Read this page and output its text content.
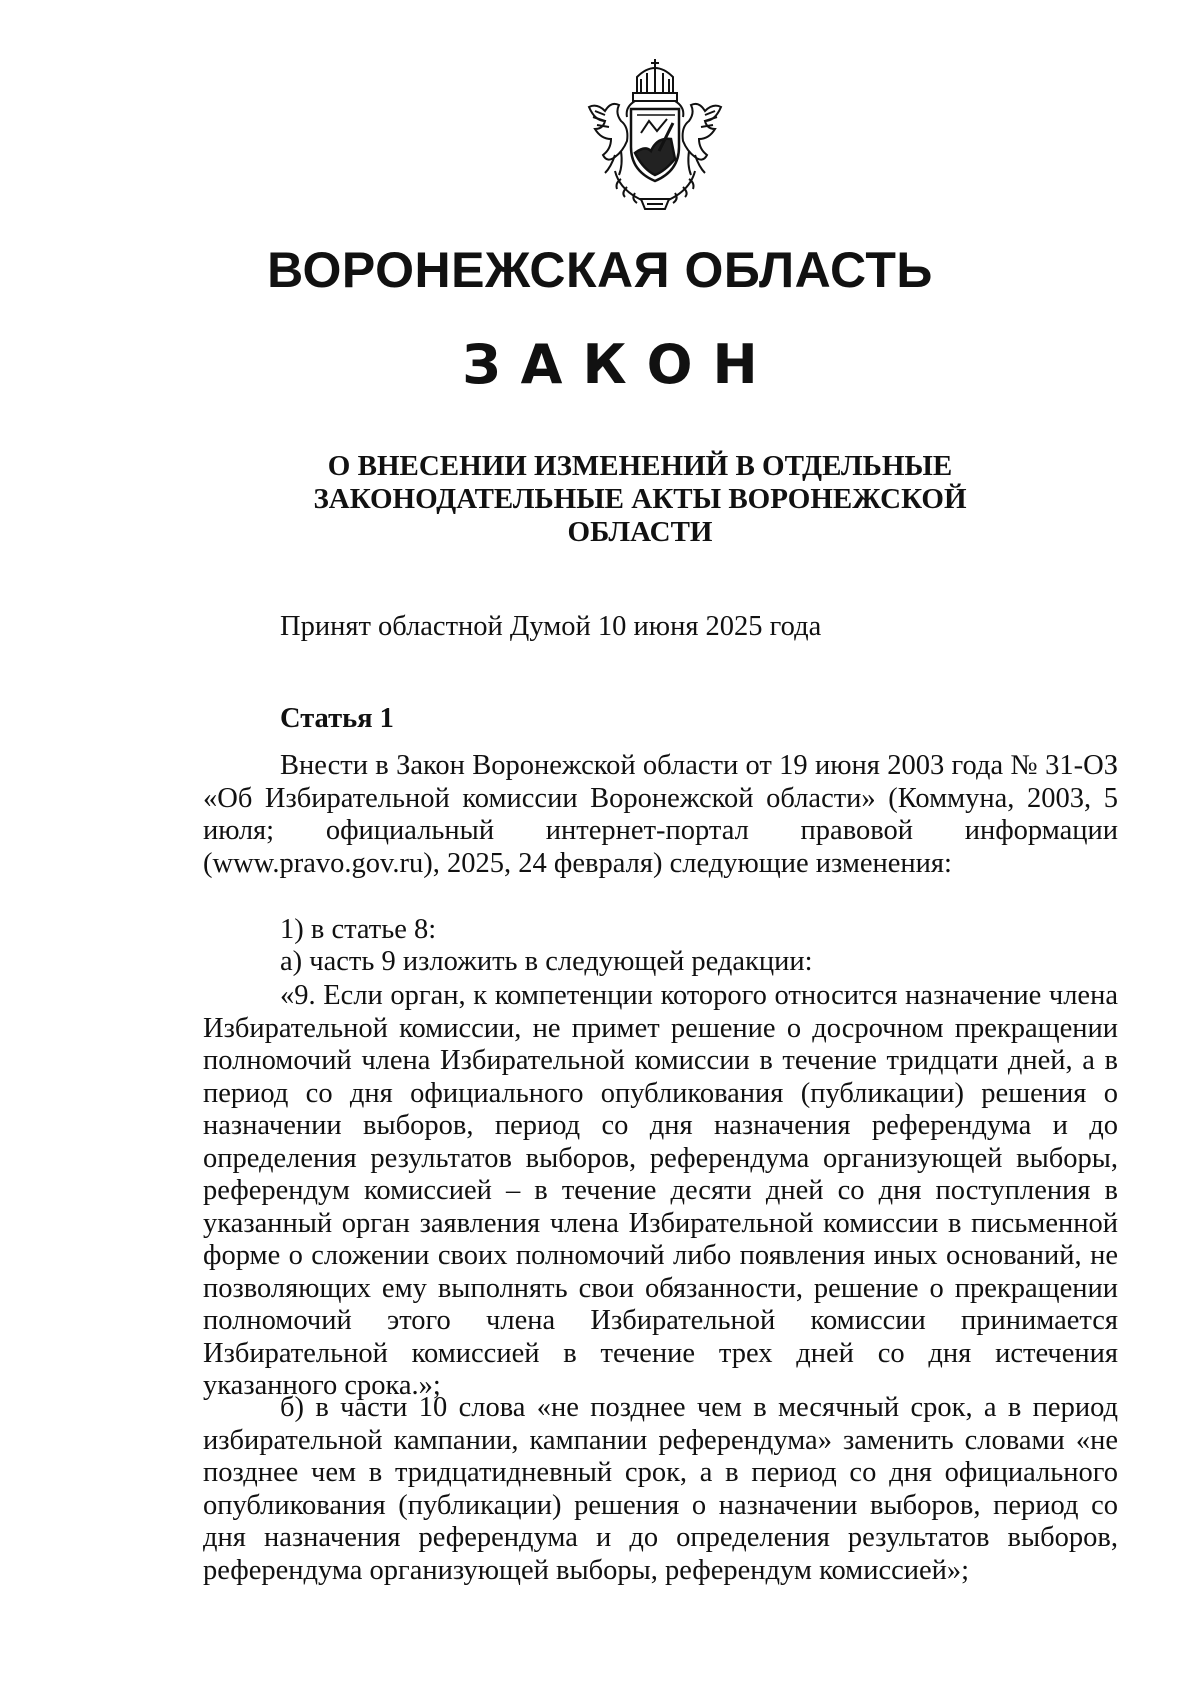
ВОРОНЕЖСКАЯ ОБЛАСТЬ
ЗАКОН
О ВНЕСЕНИИ ИЗМЕНЕНИЙ В ОТДЕЛЬНЫЕ
ЗАКОНОДАТЕЛЬНЫЕ АКТЫ ВОРОНЕЖСКОЙ
ОБЛАСТИ

Принят областной Думой 10 июня 2025 года

Статья 1

Внести в Закон Воронежской области от 19 июня 2003 года № 31-ОЗ «Об Избирательной комиссии Воронежской области» (Коммуна, 2003, 5 июля; официальный интернет-портал правовой информации (www.pravo.gov.ru), 2025, 24 февраля) следующие изменения:

1) в статье 8:

а) часть 9 изложить в следующей редакции:

«9. Если орган, к компетенции которого относится назначение члена Избирательной комиссии, не примет решение о досрочном прекращении полномочий члена Избирательной комиссии в течение тридцати дней, а в период со дня официального опубликования (публикации) решения о назначении выборов, период со дня назначения референдума и до определения результатов выборов, референдума организующей выборы, референдум комиссией – в течение десяти дней со дня поступления в указанный орган заявления члена Избирательной комиссии в письменной форме о сложении своих полномочий либо появления иных оснований, не позволяющих ему выполнять свои обязанности, решение о прекращении полномочий этого члена Избирательной комиссии принимается Избирательной комиссией в течение трех дней со дня истечения указанного срока.»;

б) в части 10 слова «не позднее чем в месячный срок, а в период избирательной кампании, кампании референдума» заменить словами «не позднее чем в тридцатидневный срок, а в период со дня официального опубликования (публикации) решения о назначении выборов, период со дня назначения референдума и до определения результатов выборов, референдума организующей выборы, референдум комиссией»;
